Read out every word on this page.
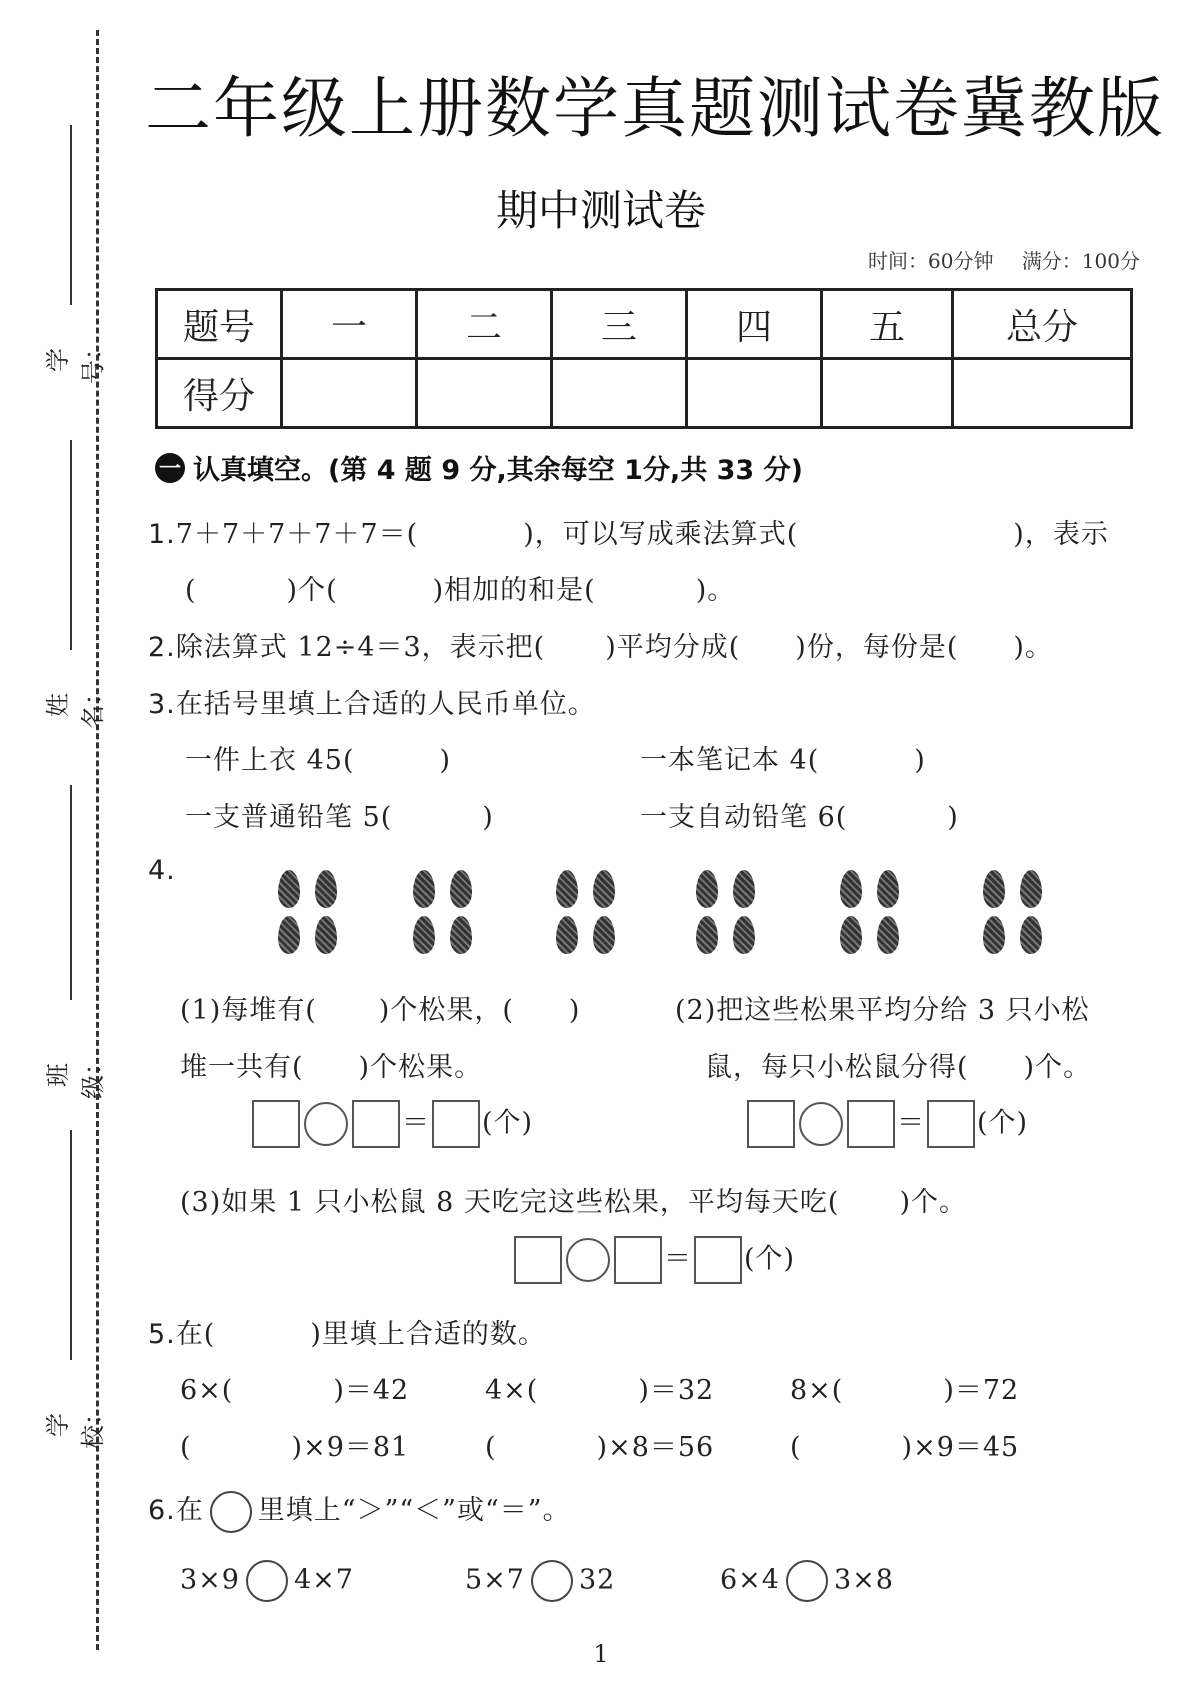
学号：
姓名：
班级：
学校：
二年级上册数学真题测试卷冀教版
期中测试卷
时间：60分钟 满分：100分
题号	一	二	三	四	五	总分
得分						
一 认真填空。(第 4 题 9 分,其余每空 1分,共 33 分)
1.7＋7＋7＋7＋7＝(	)，可以写成乘法算式(	)，表示
(	)个(	)相加的和是(	)。
2.除法算式 12÷4＝3，表示把( )平均分成( )份，每份是( )。
3.在括号里填上合适的人民币单位。
一件上衣 45(	)	一本笔记本 4(	)
一支普通铅笔 5(	)	一支自动铅笔 6(	)
4.
(1)每堆有( )个松果，( )
堆一共有( )个松果。
(2)把这些松果平均分给 3 只小松
鼠，每只小松鼠分得( )个。
＝ (个)	＝ (个)
(3)如果 1 只小松鼠 8 天吃完这些松果，平均每天吃( )个。
＝ (个)
5.在(	)里填上合适的数。
6×(	)＝42	4×(	)＝32	8×(	)＝72
(	)×9＝81	(	)×8＝56	(	)×9＝45
6.在 里填上“＞”“＜”或“＝”。
3×9 4×7	5×7 32	6×4 3×8
1
